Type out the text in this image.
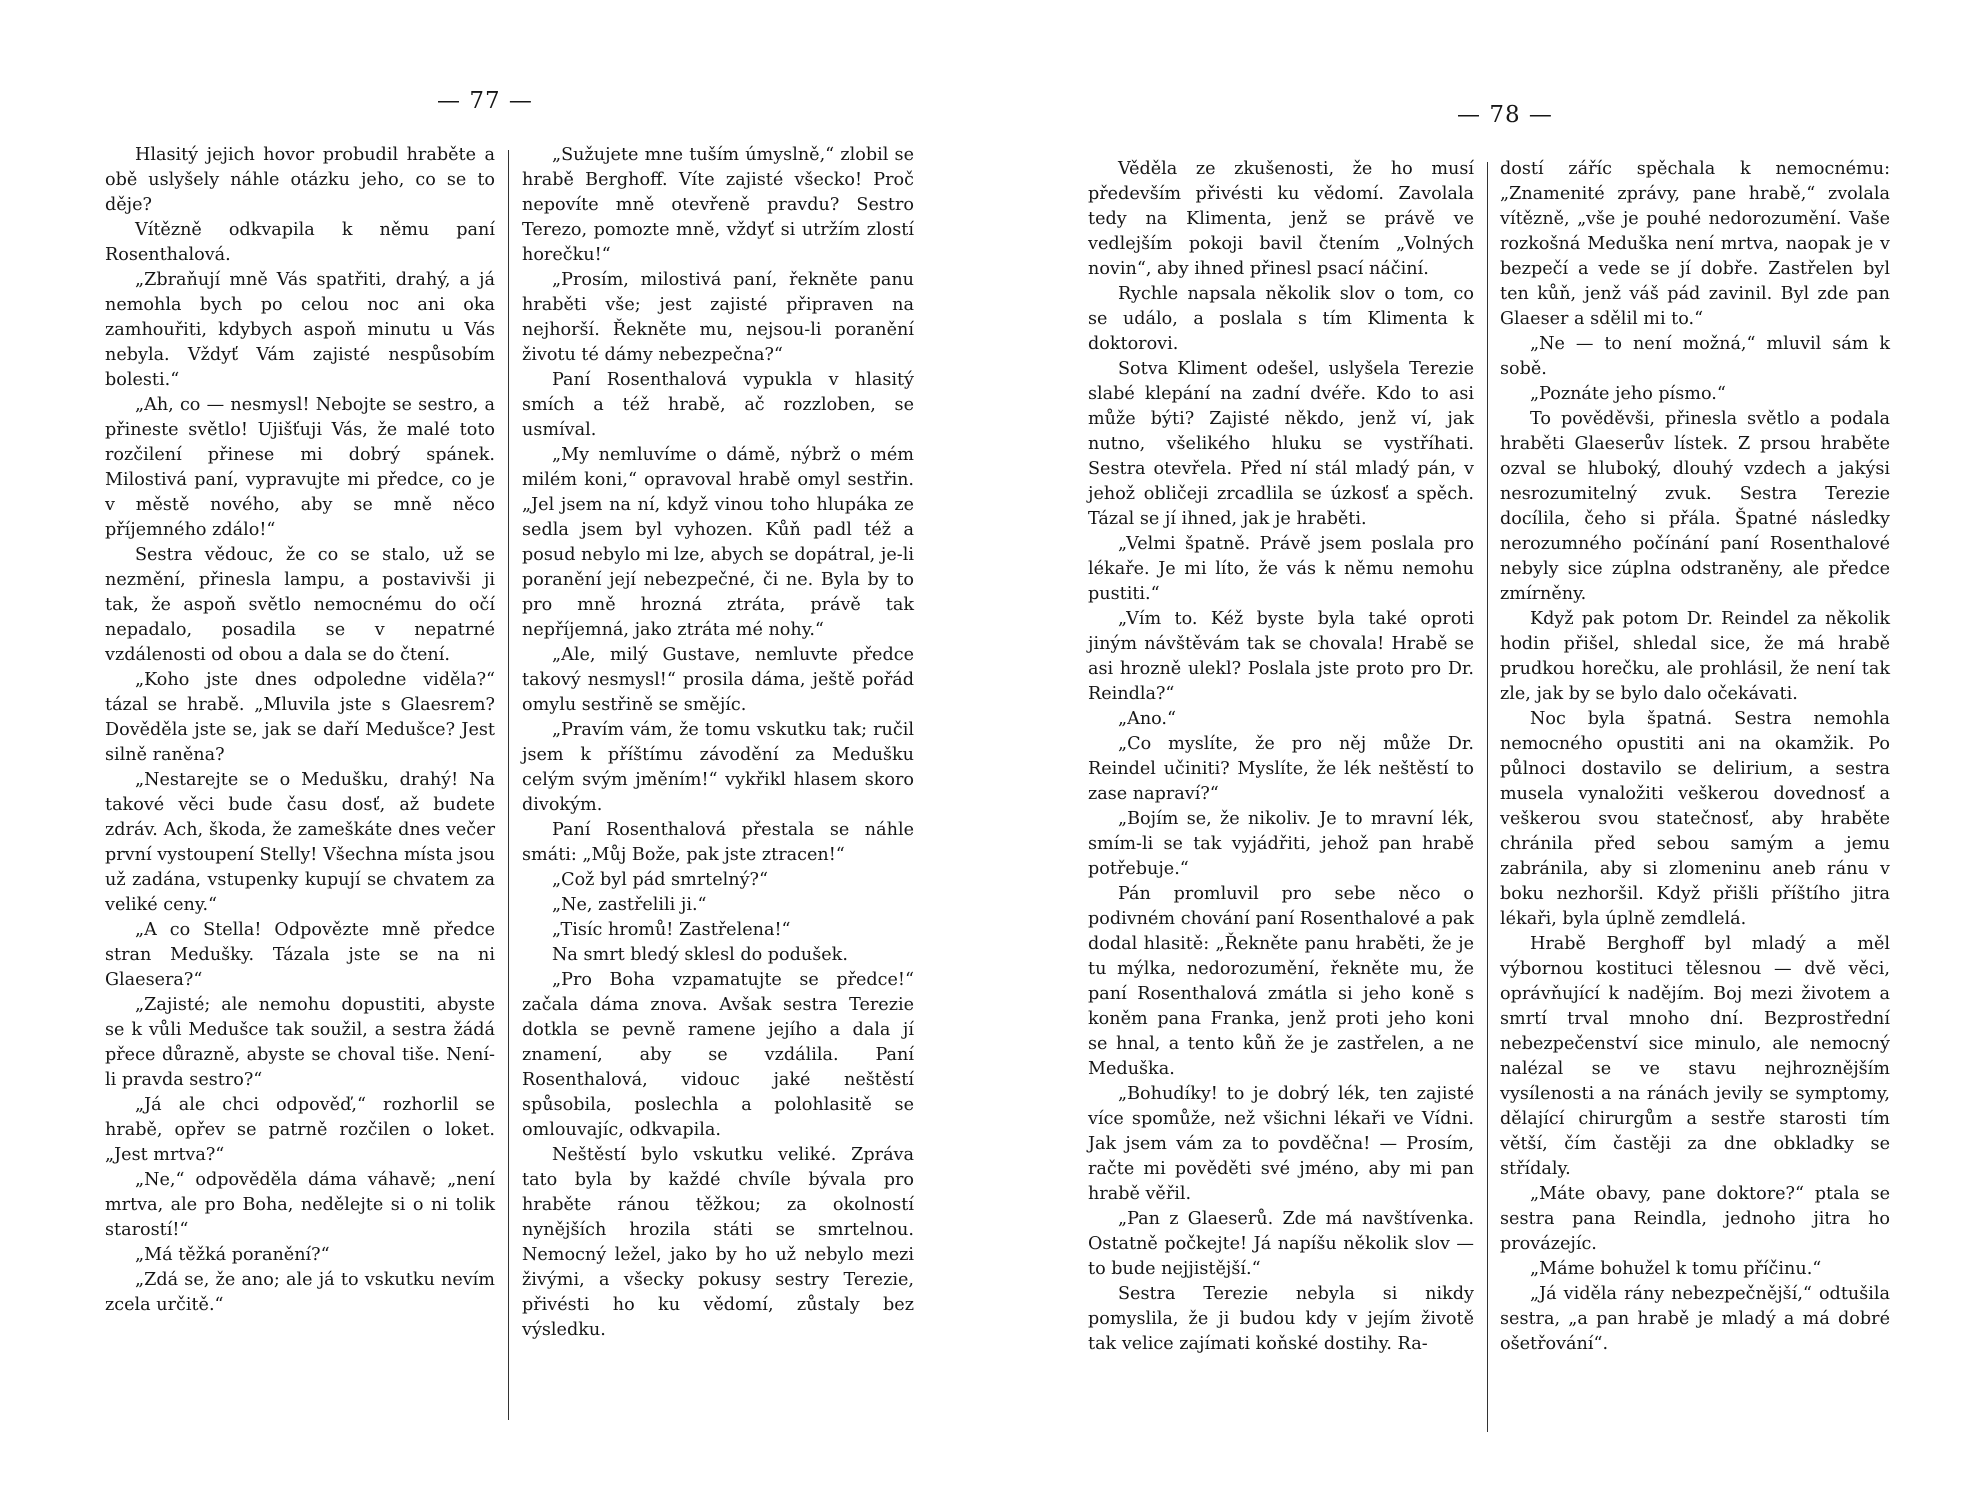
— 77 —

Hlasitý jejich hovor probudil hraběte a obě uslyšely náhle otázku jeho, co se to děje?

Vítězně odkvapila k němu paní Rosenthalová.

„Zbraňují mně Vás spatřiti, drahý, a já nemohla bych po celou noc ani oka zamhouřiti, kdybych aspoň minutu u Vás nebyla. Vždyť Vám zajisté nespůsobím bolesti.“

„Ah, co — nesmysl! Nebojte se sestro, a přineste světlo! Ujišťuji Vás, že malé toto rozčilení přinese mi dobrý spánek. Milostivá paní, vypravujte mi předce, co je v městě nového, aby se mně něco příjemného zdálo!“

Sestra vědouc, že co se stalo, už se nezmění, přinesla lampu, a postavivši ji tak, že aspoň světlo nemocnému do očí nepadalo, posadila se v nepatrné vzdálenosti od obou a dala se do čtení.

„Koho jste dnes odpoledne viděla?“ tázal se hrabě. „Mluvila jste s Glaesrem? Dověděla jste se, jak se daří Medušce? Jest silně raněna?

„Nestarejte se o Medušku, drahý! Na takové věci bude času dosť, až budete zdráv. Ach, škoda, že zameškáte dnes večer první vystoupení Stelly! Všechna místa jsou už zadána, vstupenky kupují se chvatem za veliké ceny.“

„A co Stella! Odpovězte mně předce stran Medušky. Tázala jste se na ni Glaesera?“

„Zajisté; ale nemohu dopustiti, abyste se k vůli Medušce tak soužil, a sestra žádá přece důrazně, abyste se choval tiše. Není-li pravda sestro?“

„Já ale chci odpověď,“ rozhorlil se hrabě, opřev se patrně rozčilen o loket. „Jest mrtva?“

„Ne,“ odpověděla dáma váhavě; „není mrtva, ale pro Boha, nedělejte si o ni tolik starostí!“

„Má těžká poranění?“

„Zdá se, že ano; ale já to vskutku nevím zcela určitě.“

„Sužujete mne tuším úmyslně,“ zlobil se hrabě Berghoff. Víte zajisté všecko! Proč nepovíte mně otevřeně pravdu? Sestro Terezo, pomozte mně, vždyť si utržím zlostí horečku!“

„Prosím, milostivá paní, řekněte panu hraběti vše; jest zajisté připraven na nejhorší. Řekněte mu, nejsou-li poranění životu té dámy nebezpečna?“

Paní Rosenthalová vypukla v hlasitý smích a též hrabě, ač rozzloben, se usmíval.

„My nemluvíme o dámě, nýbrž o mém milém koni,“ opravoval hrabě omyl sestřin. „Jel jsem na ní, když vinou toho hlupáka ze sedla jsem byl vyhozen. Kůň padl též a posud nebylo mi lze, abych se dopátral, je-li poranění její nebezpečné, či ne. Byla by to pro mně hrozná ztráta, právě tak nepříjemná, jako ztráta mé nohy.“

„Ale, milý Gustave, nemluvte předce takový nesmysl!“ prosila dáma, ještě pořád omylu sestřině se smějíc.

„Pravím vám, že tomu vskutku tak; ručil jsem k příštímu závodění za Medušku celým svým jměním!“ vykřikl hlasem skoro divokým.

Paní Rosenthalová přestala se náhle smáti: „Můj Bože, pak jste ztracen!“

„Což byl pád smrtelný?“

„Ne, zastřelili ji.“

„Tisíc hromů! Zastřelena!“

Na smrt bledý sklesl do podušek.

„Pro Boha vzpamatujte se předce!“ začala dáma znova. Avšak sestra Terezie dotkla se pevně ramene jejího a dala jí znamení, aby se vzdálila. Paní Rosenthalová, vidouc jaké neštěstí spůsobila, poslechla a polohlasitě se omlouvajíc, odkvapila.

Neštěstí bylo vskutku veliké. Zpráva tato byla by každé chvíle bývala pro hraběte ránou těžkou; za okolností nynějších hrozila státi se smrtelnou. Nemocný ležel, jako by ho už nebylo mezi živými, a všecky pokusy sestry Terezie, přivésti ho ku vědomí, zůstaly bez výsledku.

— 78 —

Věděla ze zkušenosti, že ho musí především přivésti ku vědomí. Zavolala tedy na Klimenta, jenž se právě ve vedlejším pokoji bavil čtením „Volných novin“, aby ihned přinesl psací náčiní.

Rychle napsala několik slov o tom, co se událo, a poslala s tím Klimenta k doktorovi.

Sotva Kliment odešel, uslyšela Terezie slabé klepání na zadní dvéře. Kdo to asi může býti? Zajisté někdo, jenž ví, jak nutno, všelikého hluku se vystříhati. Sestra otevřela. Před ní stál mladý pán, v jehož obličeji zrcadlila se úzkosť a spěch. Tázal se jí ihned, jak je hraběti.

„Velmi špatně. Právě jsem poslala pro lékaře. Je mi líto, že vás k němu nemohu pustiti.“

„Vím to. Kéž byste byla také oproti jiným návštěvám tak se chovala! Hrabě se asi hrozně ulekl? Poslala jste proto pro Dr. Reindla?“

„Ano.“

„Co myslíte, že pro něj může Dr. Reindel učiniti? Myslíte, že lék neštěstí to zase napraví?“

„Bojím se, že nikoliv. Je to mravní lék, smím-li se tak vyjádřiti, jehož pan hrabě potřebuje.“

Pán promluvil pro sebe něco o podivném chování paní Rosenthalové a pak dodal hlasitě: „Řekněte panu hraběti, že je tu mýlka, nedorozumění, řekněte mu, že paní Rosenthalová zmátla si jeho koně s koněm pana Franka, jenž proti jeho koni se hnal, a tento kůň že je zastřelen, a ne Meduška.

„Bohudíky! to je dobrý lék, ten zajisté více spomůže, než všichni lékaři ve Vídni. Jak jsem vám za to povděčna! — Prosím, račte mi pověděti své jméno, aby mi pan hrabě věřil.

„Pan z Glaeserů. Zde má navštívenka. Ostatně počkejte! Já napíšu několik slov — to bude nejjistější.“

Sestra Terezie nebyla si nikdy pomyslila, že ji budou kdy v jejím životě tak velice zajímati koňské dostihy. Ra-

dostí záříc spěchala k nemocnému: „Znamenité zprávy, pane hrabě,“ zvolala vítězně, „vše je pouhé nedorozumění. Vaše rozkošná Meduška není mrtva, naopak je v bezpečí a vede se jí dobře. Zastřelen byl ten kůň, jenž váš pád zavinil. Byl zde pan Glaeser a sdělil mi to.“

„Ne — to není možná,“ mluvil sám k sobě.

„Poznáte jeho písmo.“

To pověděvši, přinesla světlo a podala hraběti Glaeserův lístek. Z prsou hraběte ozval se hluboký, dlouhý vzdech a jakýsi nesrozumitelný zvuk. Sestra Terezie docílila, čeho si přála. Špatné následky nerozumného počínání paní Rosenthalové nebyly sice zúplna odstraněny, ale předce zmírněny.

Když pak potom Dr. Reindel za několik hodin přišel, shledal sice, že má hrabě prudkou horečku, ale prohlásil, že není tak zle, jak by se bylo dalo očekávati.

Noc byla špatná. Sestra nemohla nemocného opustiti ani na okamžik. Po půlnoci dostavilo se delirium, a sestra musela vynaložiti veškerou dovednosť a veškerou svou statečnosť, aby hraběte chránila před sebou samým a jemu zabránila, aby si zlomeninu aneb ránu v boku nezhoršil. Když přišli příštího jitra lékaři, byla úplně zemdlelá.

Hrabě Berghoff byl mladý a měl výbornou kostituci tělesnou — dvě věci, oprávňující k nadějím. Boj mezi životem a smrtí trval mnoho dní. Bezprostřední nebezpečenství sice minulo, ale nemocný nalézal se ve stavu nejhroznějším vysílenosti a na ránách jevily se symptomy, dělající chirurgům a sestře starosti tím větší, čím častěji za dne obkladky se střídaly.

„Máte obavy, pane doktore?“ ptala se sestra pana Reindla, jednoho jitra ho provázejíc.

„Máme bohužel k tomu příčinu.“

„Já viděla rány nebezpečnější,“ odtušila sestra, „a pan hrabě je mladý a má dobré ošetřování“.
